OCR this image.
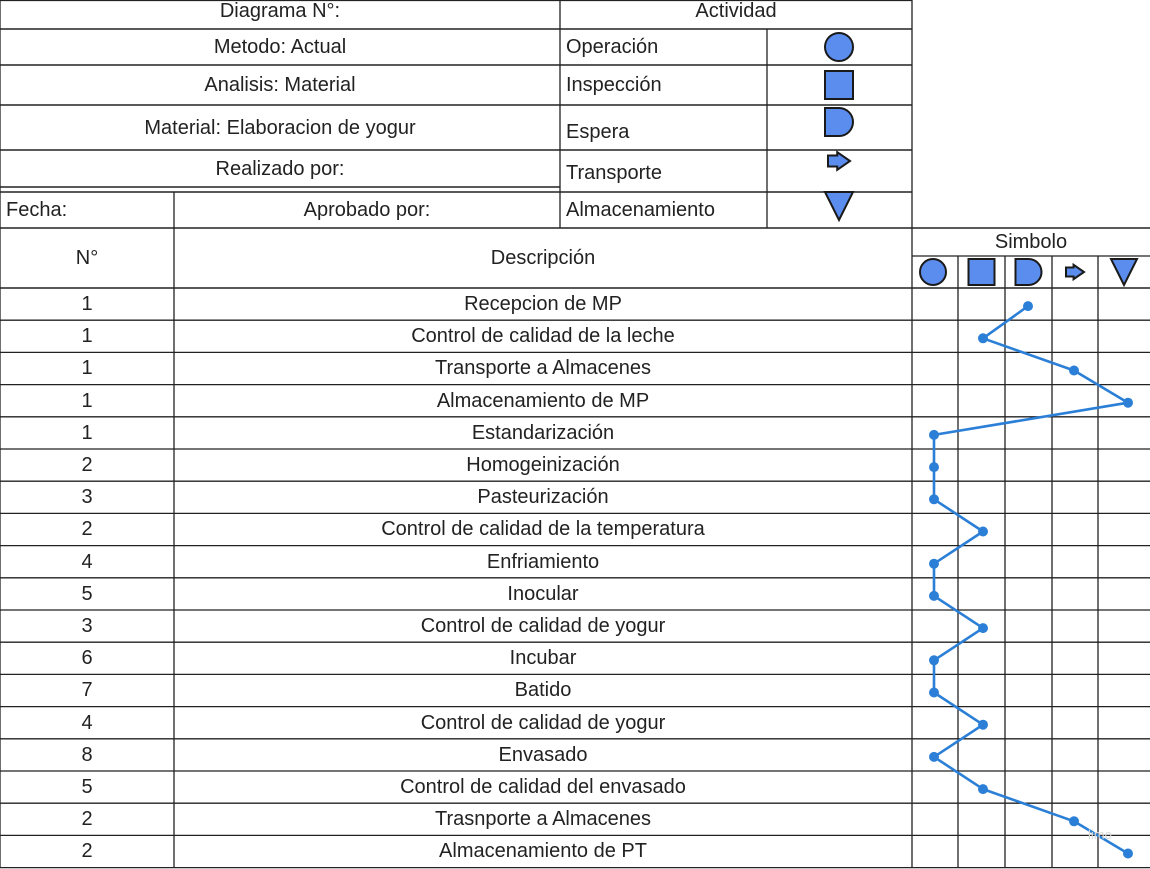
Diagrama N°:	Actividad
Metodo: Actual
Analisis: Material
Material: Elaboracion de yogur
Realizado por:
Fecha:	Aprobado por:
Operación
Inspección
Espera
Transporte
Almacenamiento
N°	Descripción
Simbolo
1	Recepcion de MP
1	Control de calidad de la leche
1	Transporte a Almacenes
1	Almacenamiento de MP
1	Estandarización
2	Homogeinización
3	Pasteurización
2	Control de calidad de la temperatura
4	Enfriamiento
5	Inocular
3	Control de calidad de yogur
6	Incubar
7	Batido
4	Control de calidad de yogur
8	Envasado
5	Control de calidad del envasado
2	Trasnporte a Almacenes
2	Almacenamiento de PT
limo
